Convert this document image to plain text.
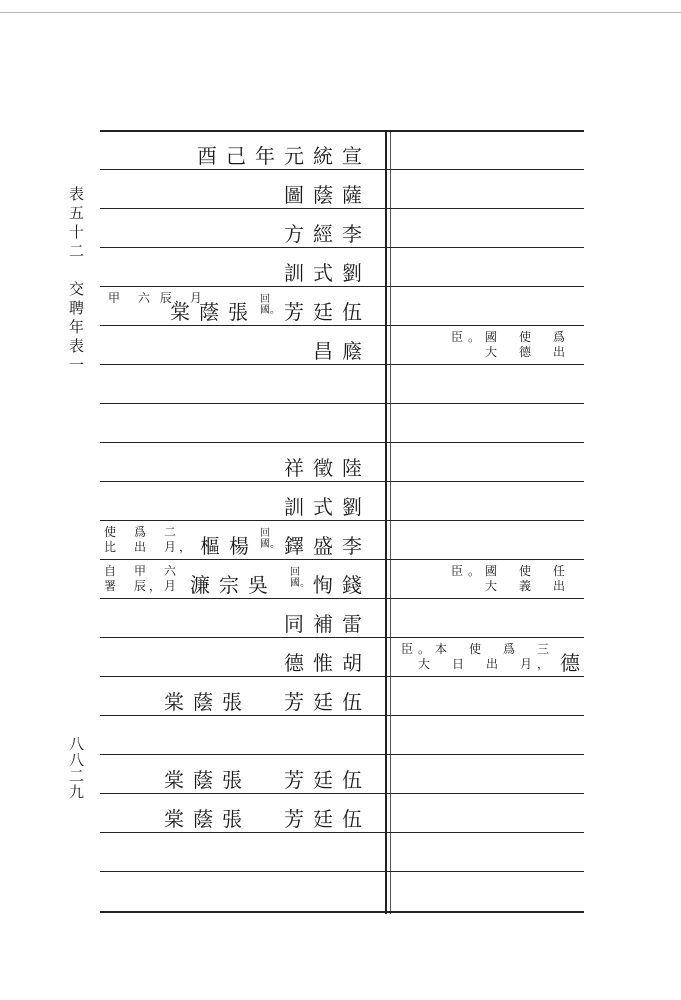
表五十二　交聘年表一
八八二九
酉己年元統宣
圖蔭薩
方經李
訓式劉
芳廷伍
回國。
棠蔭張
甲　六 辰，月
昌廕
臣。國　使　爲
　　大　德　出
祥徵陸
訓式劉
鐸盛李
回國。
樞楊
使　爲　二
比　出　月，
恂錢
回國。
濂宗吳
自　甲　六
署　辰，月
臣。國　使　任
　　大　義　出
同補雷
德惟胡
臣。本　使　爲　三
　大　日　出　月， 德
芳廷伍
棠蔭張
芳廷伍
棠蔭張
芳廷伍
棠蔭張
